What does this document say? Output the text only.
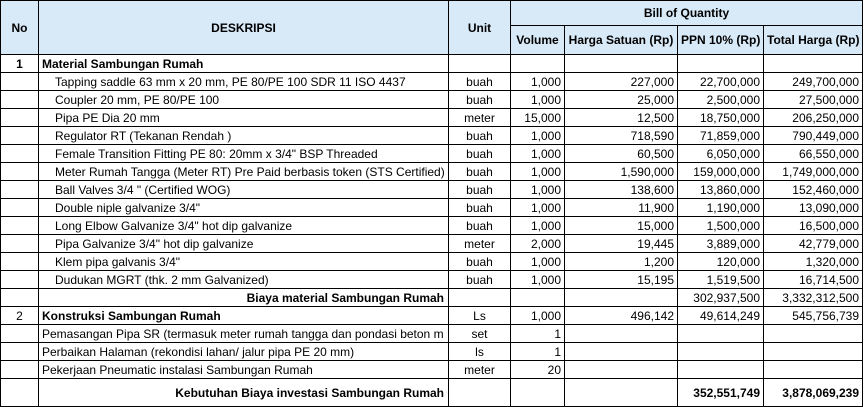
No	DESKRIPSI	Unit	Bill of Quantity			
			Volume	Harga Satuan (Rp)	PPN 10% (Rp)	Total Harga (Rp)
1	Material Sambungan Rumah					
	Tapping saddle 63 mm x 20 mm, PE 80/PE 100 SDR 11 ISO 4437	buah	1,000	227,000	22,700,000	249,700,000
	Coupler 20 mm, PE 80/PE 100	buah	1,000	25,000	2,500,000	27,500,000
	Pipa PE Dia 20 mm	meter	15,000	12,500	18,750,000	206,250,000
	Regulator RT (Tekanan Rendah )	buah	1,000	718,590	71,859,000	790,449,000
	Female Transition Fitting PE 80: 20mm x 3/4" BSP Threaded	buah	1,000	60,500	6,050,000	66,550,000
	Meter Rumah Tangga (Meter RT) Pre Paid berbasis token (STS Certified)	buah	1,000	1,590,000	159,000,000	1,749,000,000
	Ball Valves 3/4 " (Certified WOG)	buah	1,000	138,600	13,860,000	152,460,000
	Double niple galvanize 3/4"	buah	1,000	11,900	1,190,000	13,090,000
	Long Elbow Galvanize 3/4" hot dip galvanize	buah	1,000	15,000	1,500,000	16,500,000
	Pipa Galvanize 3/4" hot dip galvanize	meter	2,000	19,445	3,889,000	42,779,000
	Klem pipa galvanis 3/4"	buah	1,000	1,200	120,000	1,320,000
	Dudukan MGRT (thk. 2 mm Galvanized)	buah	1,000	15,195	1,519,500	16,714,500
	Biaya material Sambungan Rumah				302,937,500	3,332,312,500
2	Konstruksi Sambungan Rumah	Ls	1,000	496,142	49,614,249	545,756,739
	Pemasangan Pipa SR (termasuk meter rumah tangga dan pondasi beton m	set	1			
	Perbaikan Halaman (rekondisi lahan/ jalur pipa PE 20 mm)	ls	1			
	Pekerjaan Pneumatic instalasi Sambungan Rumah	meter	20			
	Kebutuhan Biaya investasi Sambungan Rumah				352,551,749	3,878,069,239
